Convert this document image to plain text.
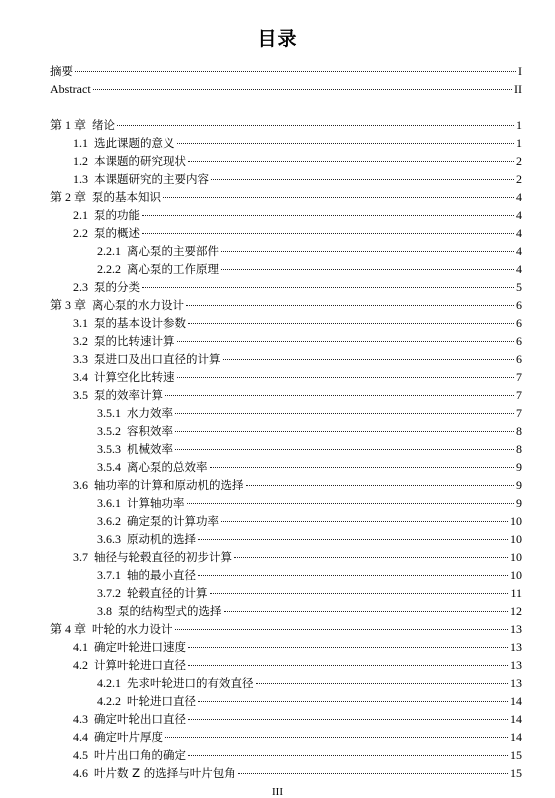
目录
摘要	I
Abstract	II
第 1 章 绪论	1
1.1 选此课题的意义	1
1.2 本课题的研究现状	2
1.3 本课题研究的主要内容	2
第 2 章 泵的基本知识	4
2.1 泵的功能	4
2.2 泵的概述	4
2.2.1 离心泵的主要部件	4
2.2.2 离心泵的工作原理	4
2.3 泵的分类	5
第 3 章 离心泵的水力设计	6
3.1 泵的基本设计参数	6
3.2 泵的比转速计算	6
3.3 泵进口及出口直径的计算	6
3.4 计算空化比转速	7
3.5 泵的效率计算	7
3.5.1 水力效率	7
3.5.2 容积效率	8
3.5.3 机械效率	8
3.5.4 离心泵的总效率	9
3.6 轴功率的计算和原动机的选择	9
3.6.1 计算轴功率	9
3.6.2 确定泵的计算功率	10
3.6.3 原动机的选择	10
3.7 轴径与轮毂直径的初步计算	10
3.7.1 轴的最小直径	10
3.7.2 轮毂直径的计算	11
3.8 泵的结构型式的选择	12
第 4 章 叶轮的水力设计	13
4.1 确定叶轮进口速度	13
4.2 计算叶轮进口直径	13
4.2.1 先求叶轮进口的有效直径	13
4.2.2 叶轮进口直径	14
4.3 确定叶轮出口直径	14
4.4 确定叶片厚度	14
4.5 叶片出口角的确定	15
4.6 叶片数 Z 的选择与叶片包角	15
III
